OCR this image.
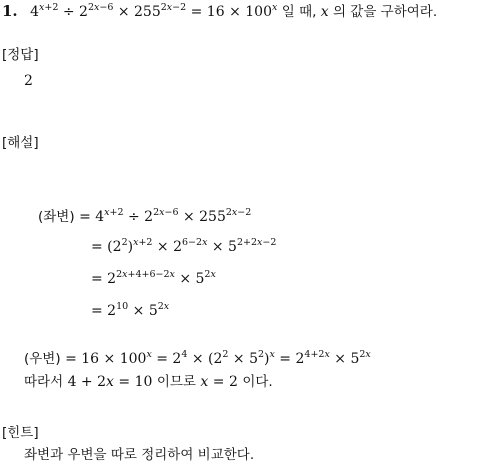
1. $4^{x+2} \div 2^{2x-6} \times 255^{2x-2} = 16 \times 100^x$ 일 때, x 의 값을 구하여라.
[정답]
2
[해설]
(좌변) = $4^{x+2} \div 2^{2x-6} \times 255^{2x-2}$
= $(2^2)^{x+2} \times 2^{6-2x} \times 5^{2+2x-2}$
= $2^{2x+4+6-2x} \times 5^{2x}$
= $2^{10} \times 5^{2x}$
(우변) = $16 \times 100^x = 2^4 \times (2^2 \times 5^2)^x = 2^{4+2x} \times 5^{2x}$
따라서 4 + 2x = 10 이므로 x = 2 이다.
[힌트]
좌변과 우변을 따로 정리하여 비교한다.
